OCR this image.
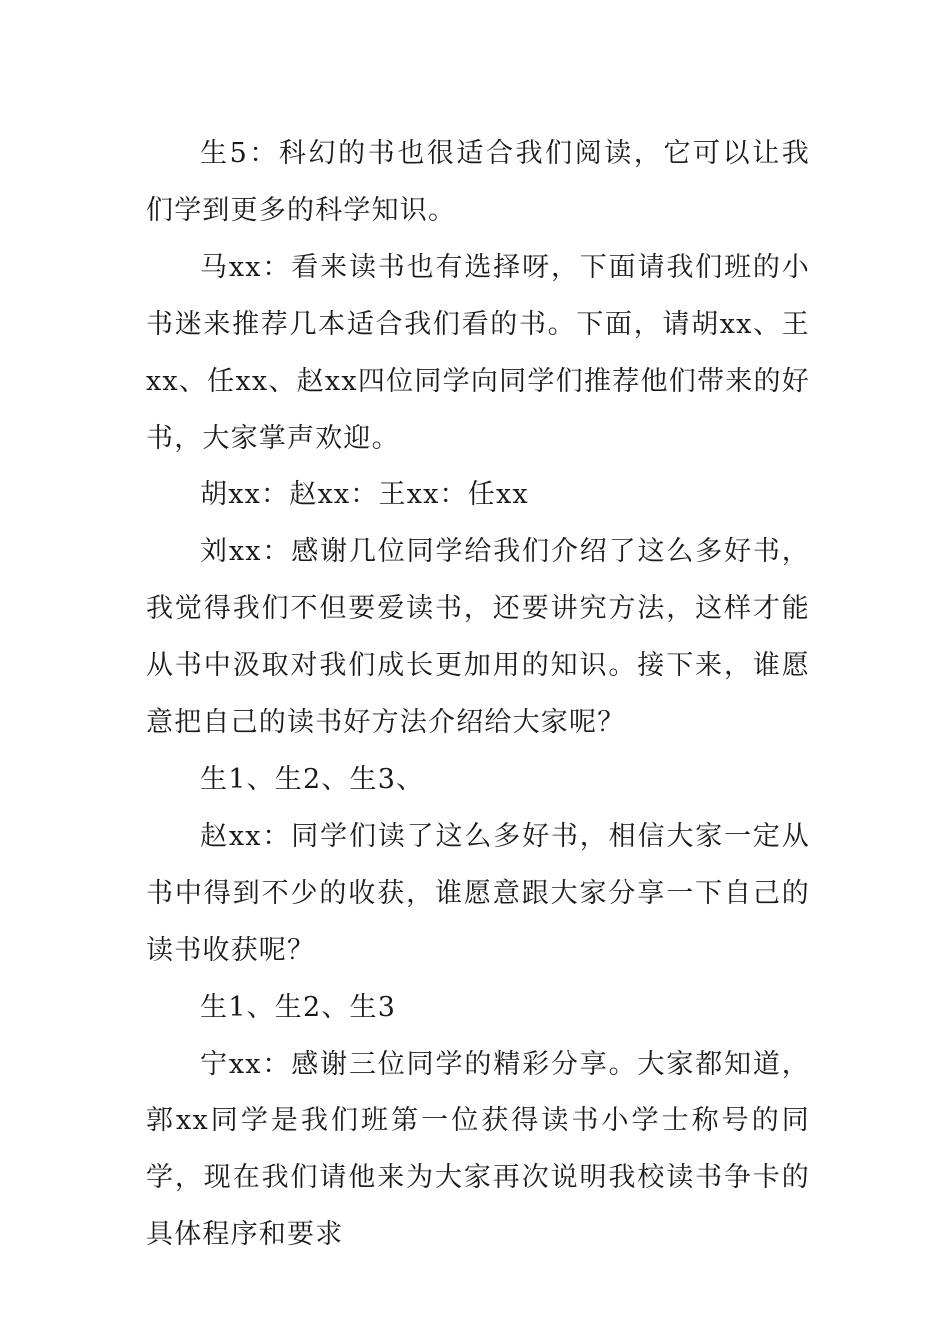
生5：科幻的书也很适合我们阅读，它可以让我们学到更多的科学知识。

马xx：看来读书也有选择呀，下面请我们班的小书迷来推荐几本适合我们看的书。下面，请胡xx、王xx、任xx、赵xx四位同学向同学们推荐他们带来的好书，大家掌声欢迎。

胡xx：赵xx：王xx：任xx

刘xx：感谢几位同学给我们介绍了这么多好书，我觉得我们不但要爱读书，还要讲究方法，这样才能从书中汲取对我们成长更加用的知识。接下来，谁愿意把自己的读书好方法介绍给大家呢？

生1、生2、生3、

赵xx：同学们读了这么多好书，相信大家一定从书中得到不少的收获，谁愿意跟大家分享一下自己的读书收获呢？

生1、生2、生3

宁xx：感谢三位同学的精彩分享。大家都知道，郭xx同学是我们班第一位获得读书小学士称号的同学，现在我们请他来为大家再次说明我校读书争卡的具体程序和要求
